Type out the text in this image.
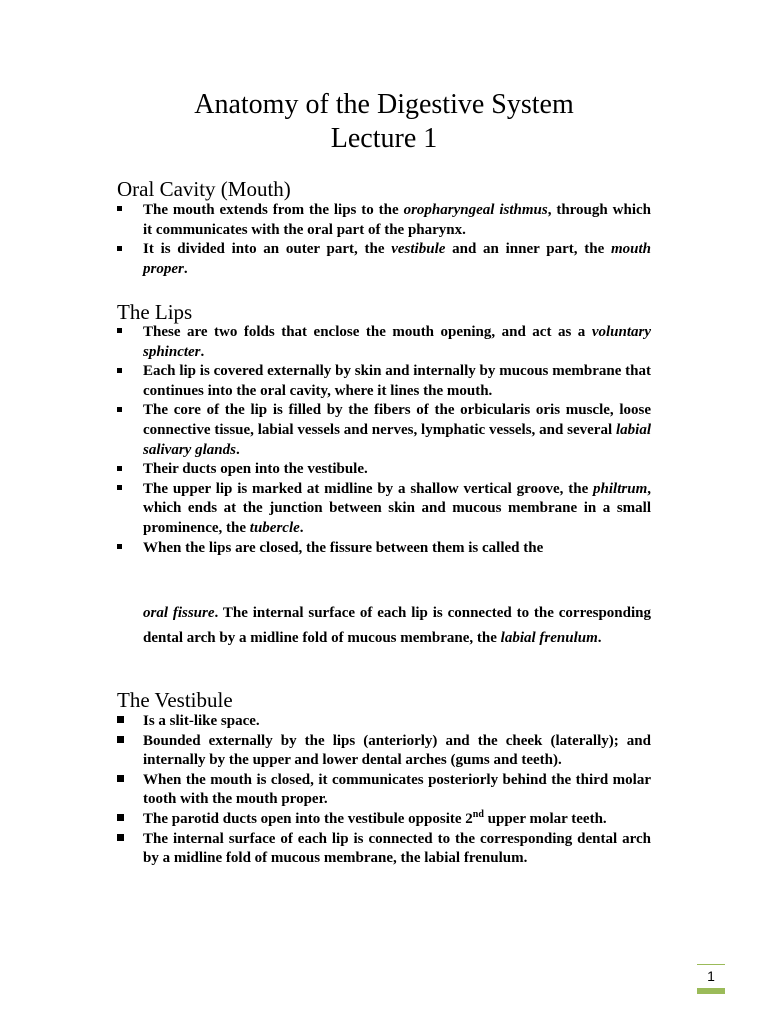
Anatomy of the Digestive System
Lecture 1
Oral Cavity (Mouth)
The mouth extends from the lips to the oropharyngeal isthmus, through which it communicates with the oral part of the pharynx.
It is divided into an outer part, the vestibule and an inner part, the mouth proper.
The Lips
These are two folds that enclose the mouth opening, and act as a voluntary sphincter.
Each lip is covered externally by skin and internally by mucous membrane that continues into the oral cavity, where it lines the mouth.
The core of the lip is filled by the fibers of the orbicularis oris muscle, loose connective tissue, labial vessels and nerves, lymphatic vessels, and several labial salivary glands.
Their ducts open into the vestibule.
The upper lip is marked at midline by a shallow vertical groove, the philtrum, which ends at the junction between skin and mucous membrane in a small prominence, the tubercle.
When the lips are closed, the fissure between them is called the

oral fissure. The internal surface of each lip is connected to the corresponding dental arch by a midline fold of mucous membrane, the labial frenulum.

The Vestibule
Is a slit-like space.
Bounded externally by the lips (anteriorly) and the cheek (laterally); and internally by the upper and lower dental arches (gums and teeth).
When the mouth is closed, it communicates posteriorly behind the third molar tooth with the mouth proper.
The parotid ducts open into the vestibule opposite 2nd upper molar teeth.
The internal surface of each lip is connected to the corresponding dental arch by a midline fold of mucous membrane, the labial frenulum.
1
